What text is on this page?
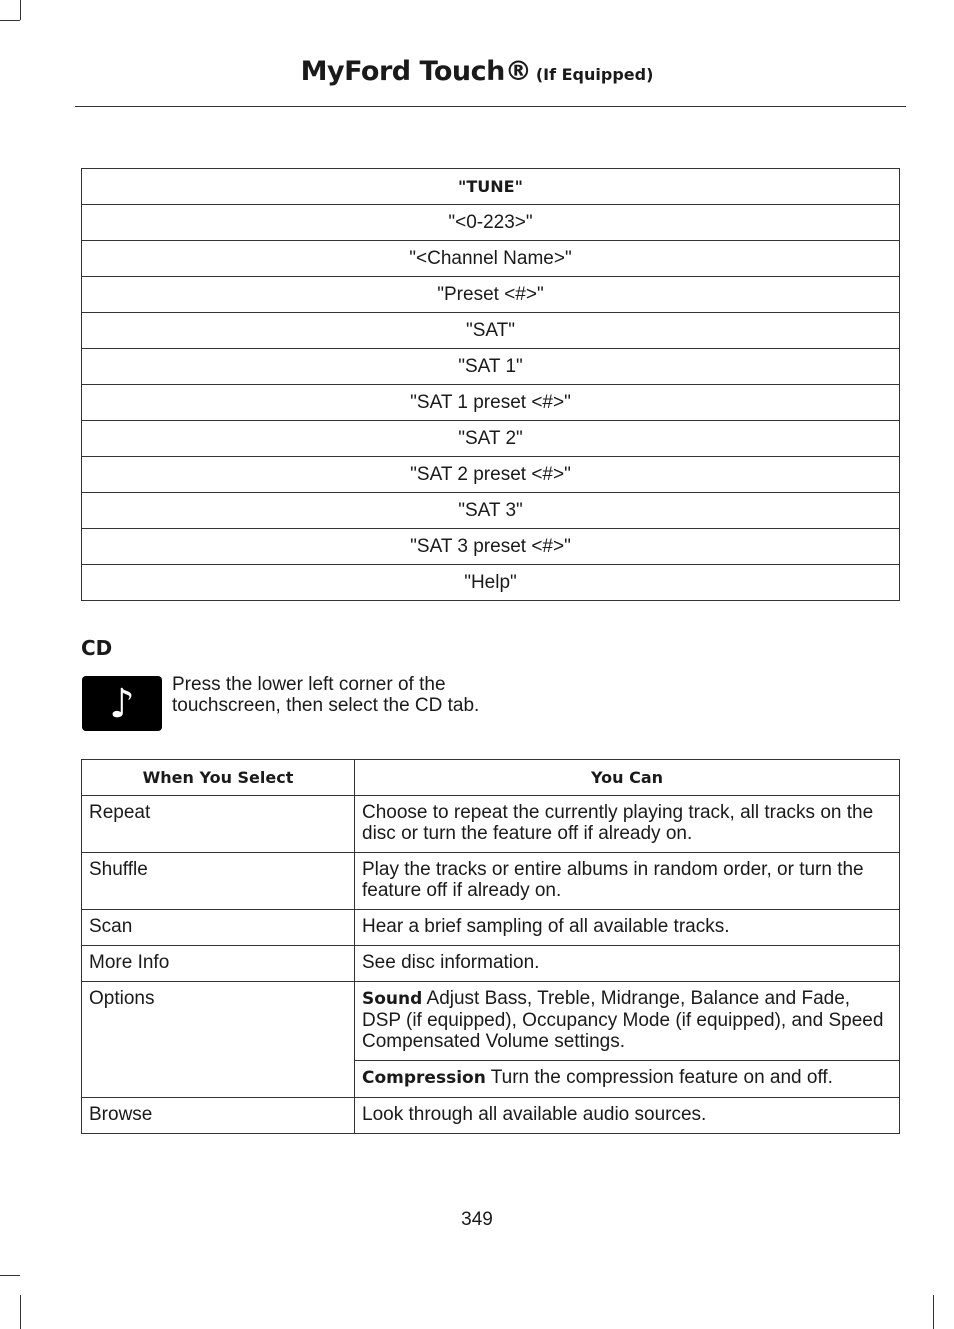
MyFord Touch® (If Equipped)
"TUNE"
"<0-223>"
"<Channel Name>"
"Preset <#>"
"SAT"
"SAT 1"
"SAT 1 preset <#>"
"SAT 2"
"SAT 2 preset <#>"
"SAT 3"
"SAT 3 preset <#>"
"Help"
CD
♪	Press the lower left corner of the touchscreen, then select the CD tab.
When You Select	You Can
Repeat	Choose to repeat the currently playing track, all tracks on the disc or turn the feature off if already on.
Shuffle	Play the tracks or entire albums in random order, or turn the feature off if already on.
Scan	Hear a brief sampling of all available tracks.
More Info	See disc information.
Options	Sound Adjust Bass, Treble, Midrange, Balance and Fade, DSP (if equipped), Occupancy Mode (if equipped), and Speed Compensated Volume settings.
	Compression Turn the compression feature on and off.
Browse	Look through all available audio sources.
349
